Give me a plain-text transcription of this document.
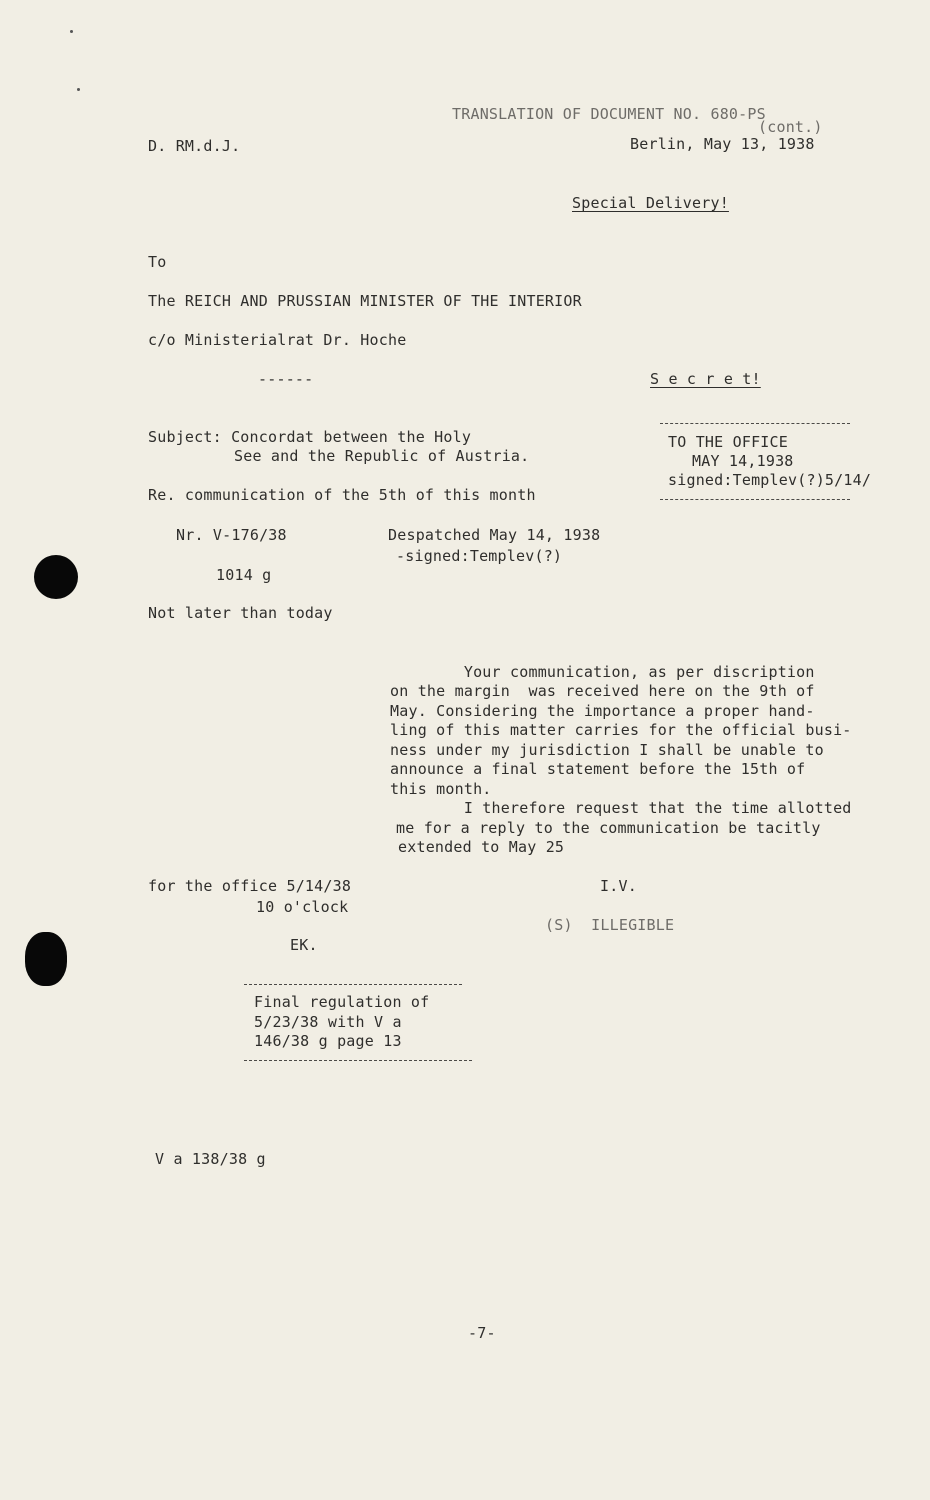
TRANSLATION OF DOCUMENT NO. 680-PS
(cont.)
D. RM.d.J.	Berlin, May 13, 1938
Special Delivery!
To
The REICH AND PRUSSIAN MINISTER OF THE INTERIOR
c/o Ministerialrat Dr. Hoche
------	S e c r e t!
TO THE OFFICE
MAY 14,1938
signed:Templev(?)5/14/
Subject: Concordat between the Holy
See and the Republic of Austria.
Re. communication of the 5th of this month
Nr. V-176/38	Despatched May 14, 1938
-signed:Templev(?)
1014 g
Not later than today
Your communication, as per discription
on the margin  was received here on the 9th of
May. Considering the importance a proper hand-
ling of this matter carries for the official busi-
ness under my jurisdiction I shall be unable to
announce a final statement before the 15th of
this month.
I therefore request that the time allotted
me for a reply to the communication be tacitly
extended to May 25
for the office 5/14/38
10 o'clock
I.V.
(S)  ILLEGIBLE
EK.
Final regulation of
5/23/38 with V a
146/38 g page 13
V a 138/38 g
-7-
